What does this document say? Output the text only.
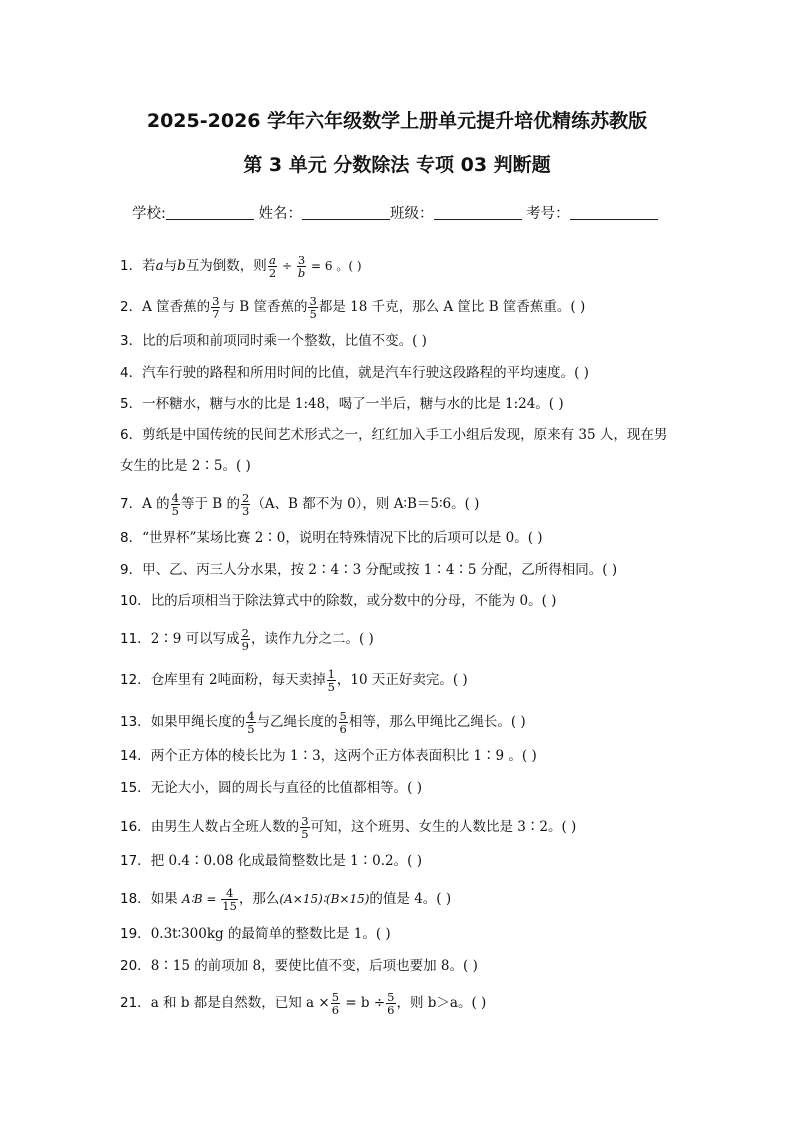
2025-2026 学年六年级数学上册单元提升培优精练苏教版
第 3 单元 分数除法 专项 03 判断题
学校:	姓名：	班级：	考号：
1．若a与b互为倒数，则 $\frac{a}{2} \div \frac{3}{b} = 6$ 。( )
2．A 筐香蕉的 $\frac{3}{7}$ 与 B 筐香蕉的 $\frac{3}{5}$ 都是 18 千克，那么 A 筐比 B 筐香蕉重。( )
3．比的后项和前项同时乘一个整数，比值不变。( )
4．汽车行驶的路程和所用时间的比值，就是汽车行驶这段路程的平均速度。( )
5．一杯糖水，糖与水的比是 1:48，喝了一半后，糖与水的比是 1:24。( )
6．剪纸是中国传统的民间艺术形式之一，红红加入手工小组后发现，原来有 35 人，现在男
女生的比是 2∶5。( )
7．A 的 $\frac{4}{5}$ 等于 B 的 $\frac{2}{3} (A$、B 都不为 0），则 A∶B＝5∶6。( )
8．“世界杯”某场比赛 2∶0，说明在特殊情况下比的后项可以是 0。( )
9．甲、乙、丙三人分水果，按 2∶4∶3 分配或按 1∶4∶5 分配，乙所得相同。( )
10．比的后项相当于除法算式中的除数，或分数中的分母，不能为 0。( )
11．2∶9 可以写成 $\frac{2}{9}$ ，读作九分之二。( )
12．仓库里有 2吨面粉，每天卖掉 $\frac{1}{5}$ ，10 天正好卖完。( )
13．如果甲绳长度的 $\frac{4}{5}$ 与乙绳长度的 $\frac{5}{6}$ 相等，那么甲绳比乙绳长。( )
14．两个正方体的棱长比为 1∶3，这两个正方体表面积比 1∶9 。( )
15．无论大小，圆的周长与直径的比值都相等。( )
16．由男生人数占全班人数的 $\frac{3}{5}$ 可知，这个班男、女生的人数比是 3∶2。( )
17．把 0.4∶0.08 化成最简整数比是 1∶0.2。( )
18．如果 A∶B = $\frac{4}{15}$ ，那么(A×15)∶(B×15)的值是 4。( )
19．0.3t∶300kg 的最简单的整数比是 1。( )
20．8∶15 的前项加 8，要使比值不变，后项也要加 8。( )
21．a 和 b 都是自然数，已知 $a \times \frac{5}{6} = b \div \frac{5}{6}$ ，则 b＞a。( )
